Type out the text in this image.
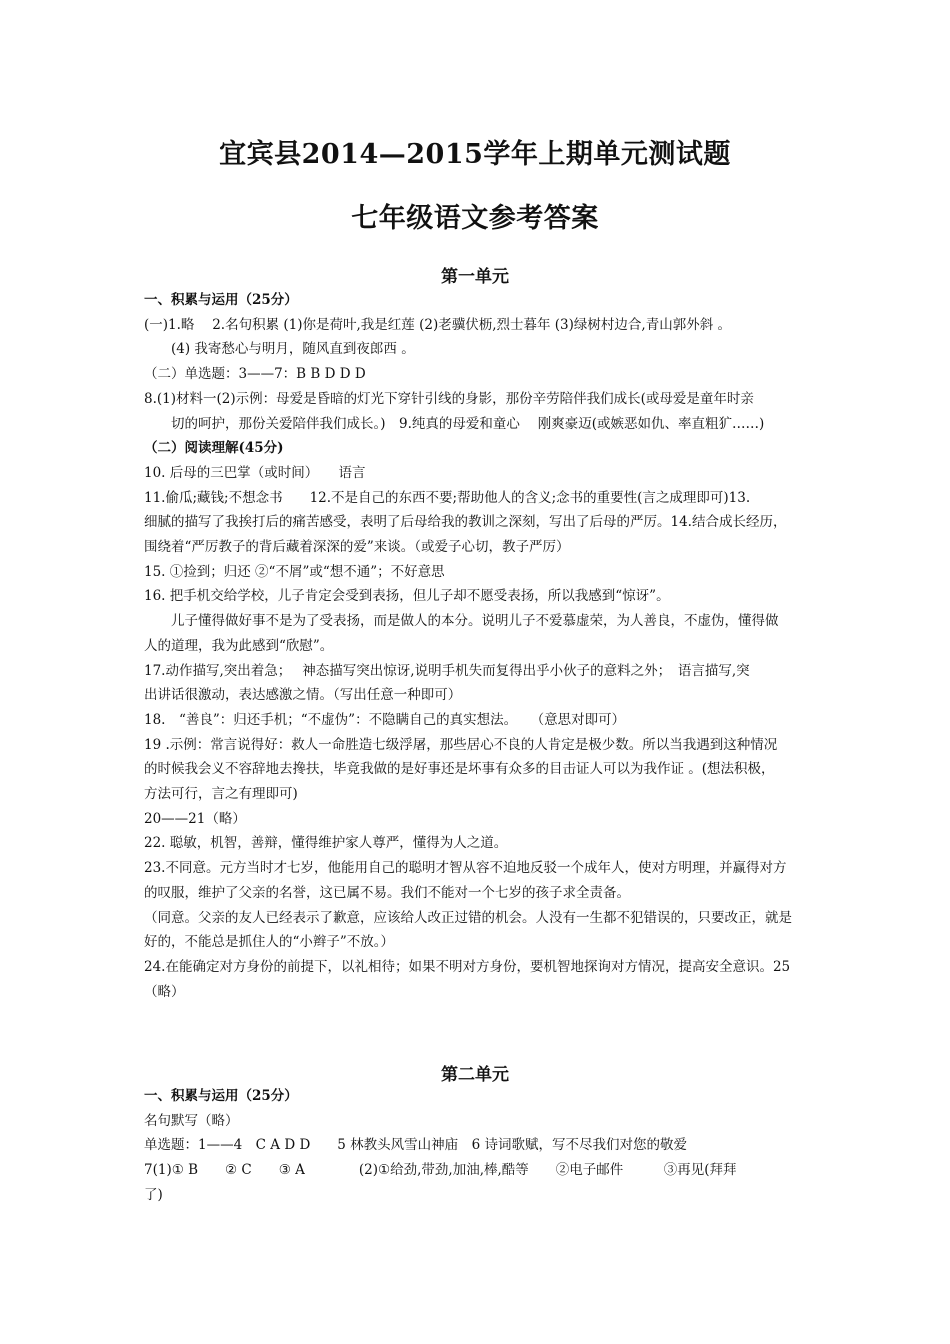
宜宾县2014—2015学年上期单元测试题
七年级语文参考答案
第一单元
一、积累与运用（25分）
(一)1.略　 2.名句积累 (1)你是荷叶,我是红莲 (2)老骥伏枥,烈士暮年 (3)绿树村边合,青山郭外斜 。
　　(4) 我寄愁心与明月，随风直到夜郎西 。
（二）单选题：3——7：B B D D D
8.(1)材料一(2)示例：母爱是昏暗的灯光下穿针引线的身影，那份辛劳陪伴我们成长(或母爱是童年时亲
　　切的呵护，那份关爱陪伴我们成长。)　9.纯真的母爱和童心　 刚爽豪迈(或嫉恶如仇、率直粗犷……)
（二）阅读理解(45分)
10. 后母的三巴掌（或时间）　　语言
11.偷瓜;藏钱;不想念书　　12.不是自己的东西不要;帮助他人的含义;念书的重要性(言之成理即可)13.
细腻的描写了我挨打后的痛苦感受，表明了后母给我的教训之深刻，写出了后母的严厉。14.结合成长经历，
围绕着“严厉教子的背后藏着深深的爱”来谈。（或爱子心切，教子严厉）
15. ①捡到；归还 ②“不屑”或“想不通”；不好意思
16. 把手机交给学校，儿子肯定会受到表扬，但儿子却不愿受表扬，所以我感到“惊讶”。
　　儿子懂得做好事不是为了受表扬，而是做人的本分。说明儿子不爱慕虚荣，为人善良，不虚伪，懂得做
人的道理，我为此感到“欣慰”。
17.动作描写,突出着急；　 神态描写突出惊讶,说明手机失而复得出乎小伙子的意料之外；　语言描写,突
出讲话很激动，表达感激之情。（写出任意一种即可）
18.　“善良”：归还手机；“不虚伪”：不隐瞒自己的真实想法。　　（意思对即可）
19 .示例：常言说得好：救人一命胜造七级浮屠，那些居心不良的人肯定是极少数。所以当我遇到这种情况
的时候我会义不容辞地去搀扶，毕竟我做的是好事还是坏事有众多的目击证人可以为我作证 。(想法积极，
方法可行，言之有理即可)
20——21（略）
22. 聪敏，机智，善辩，懂得维护家人尊严，懂得为人之道。
23.不同意。元方当时才七岁，他能用自己的聪明才智从容不迫地反驳一个成年人，使对方明理，并赢得对方
的叹服，维护了父亲的名誉，这已属不易。我们不能对一个七岁的孩子求全责备。
（同意。父亲的友人已经表示了歉意，应该给人改正过错的机会。人没有一生都不犯错误的，只要改正，就是
好的，不能总是抓住人的“小辫子”不放。）
24.在能确定对方身份的前提下，以礼相待；如果不明对方身份，要机智地探询对方情况，提高安全意识。25
（略）
第二单元
一、积累与运用（25分）
名句默写（略）
单选题：1——4　C A D D　　5 林教头风雪山神庙　6 诗词歌赋，写不尽我们对您的敬爱
7(1)① B　　② C　　③ A　　　　(2)①给劲,带劲,加油,棒,酷等　　②电子邮件　　　③再见(拜拜
了)
